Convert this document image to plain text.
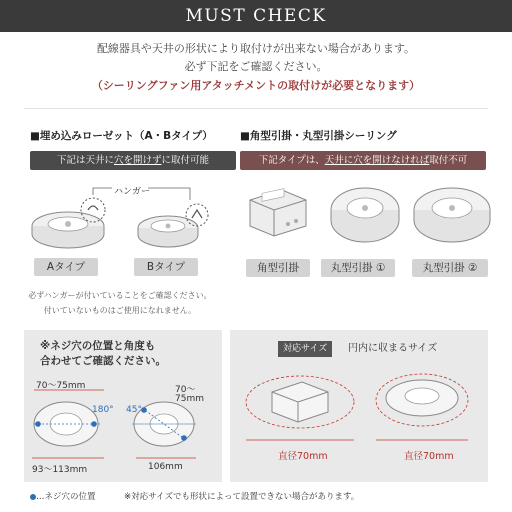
MUST CHECK
配線器具や天井の形状により取付けが出来ない場合があります。
必ず下記をご確認ください。
（シーリングファン用アタッチメントの取付けが必要となります）
■埋め込みローゼット（A・Bタイプ）
下記は天井に穴を開けずに取付可能
ハンガー
Aタイプ	Bタイプ
必ずハンガーが付いていることをご確認ください。
付いていないものはご使用になれません。
■角型引掛・丸型引掛シーリング
下記タイプは、天井に穴を開けなければ取付不可
角型引掛	丸型引掛 ①	丸型引掛 ②
※ネジ穴の位置と角度も
合わせてご確認ください。
70～75mm
180°
93～113mm
45°
70～
75mm
106mm
対応サイズ	円内に収まるサイズ
直径70mm	直径70mm
…ネジ穴の位置	※対応サイズでも形状によって設置できない場合があります。
